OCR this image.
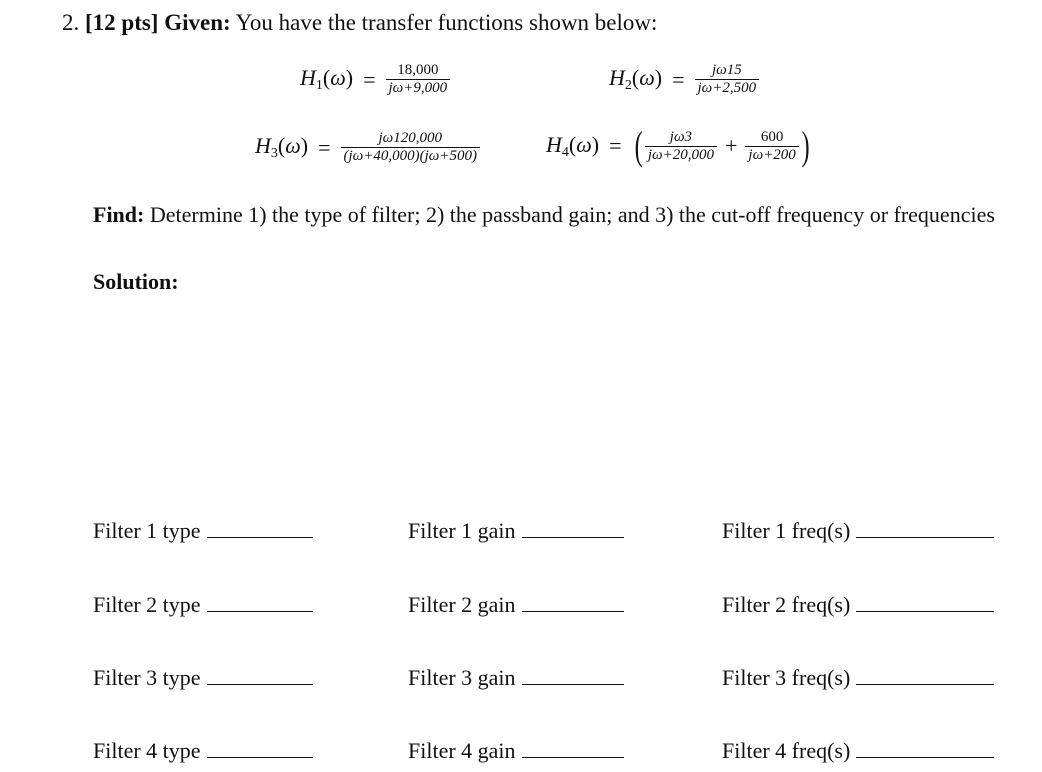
2. [12 pts] Given: You have the transfer functions shown below:
$H_1(\omega) = \frac{18,000}{j\omega+9,000}$	$H_2(\omega) = \frac{j\omega 15}{j\omega+2,500}$
$H_3(\omega) = \frac{j\omega 120,000}{(j\omega+40,000)(j\omega+500)}$	$H_4(\omega)$ = ( $\frac{j\omega 3}{j\omega+20,000} + \frac{600}{j\omega+200}$ )
Find: Determine 1) the type of filter; 2) the passband gain; and 3) the cut-off frequency or frequencies
Solution:
Filter 1 type	Filter 1 gain	Filter 1 freq(s)
Filter 2 type	Filter 2 gain	Filter 2 freq(s)
Filter 3 type	Filter 3 gain	Filter 3 freq(s)
Filter 4 type	Filter 4 gain	Filter 4 freq(s)
